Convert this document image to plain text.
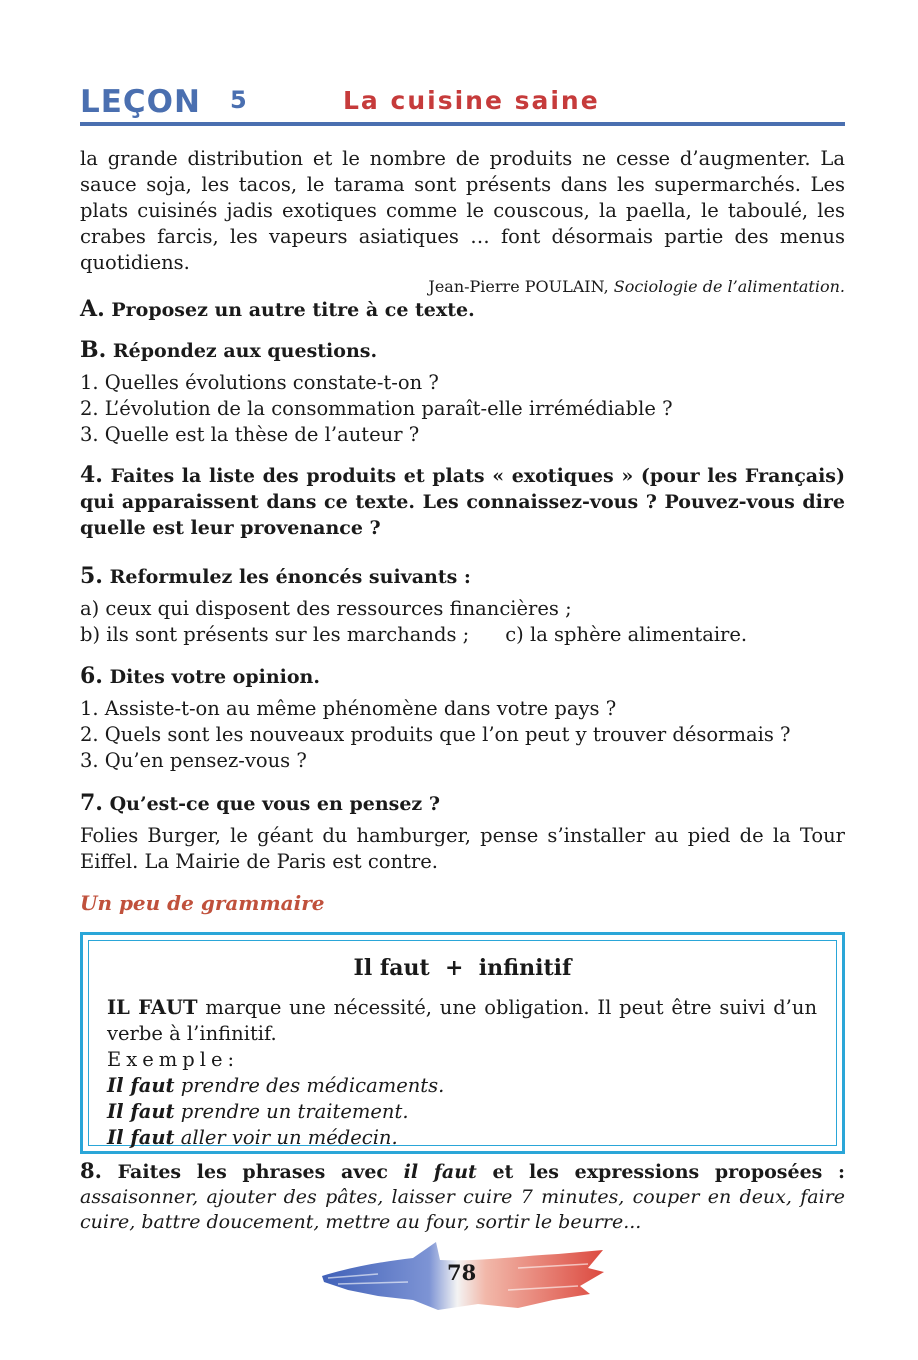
LEÇON 5	La cuisine saine

la grande distribution et le nombre de produits ne cesse d’augmenter. La sauce soja, les tacos, le tarama sont présents dans les supermarchés. Les plats cuisinés jadis exotiques comme le couscous, la paella, le taboulé, les crabes farcis, les vapeurs asiatiques … font désormais partie des menus quotidiens.

Jean-Pierre POULAIN, Sociologie de l’alimentation.

A. Proposez un autre titre à ce texte.

B. Répondez aux questions.

1. Quelles évolutions constate-t-on ?

2. L’évolution de la consommation paraît-elle irrémédiable ?

3. Quelle est la thèse de l’auteur ?

4. Faites la liste des produits et plats « exotiques » (pour les Français) qui apparaissent dans ce texte. Les connaissez-vous ? Pouvez-vous dire quelle est leur provenance ?

5. Reformulez les énoncés suivants :

a) ceux qui disposent des ressources financières ;

b) ils sont présents sur les marchands ; c) la sphère alimentaire.

6. Dites votre opinion.

1. Assiste-t-on au même phénomène dans votre pays ?

2. Quels sont les nouveaux produits que l’on peut y trouver désormais ?

3. Qu’en pensez-vous ?

7. Qu’est-ce que vous en pensez ?

Folies Burger, le géant du hamburger, pense s’installer au pied de la Tour Eiffel. La Mairie de Paris est contre.

Un peu de grammaire
Il faut  +  infinitif

IL FAUT marque une nécessité, une obligation. Il peut être suivi d’un verbe à l’infinitif.

Exemple:

Il faut prendre des médicaments.

Il faut prendre un traitement.

Il faut aller voir un médecin.

8. Faites les phrases avec il faut et les expressions proposées : assaisonner, ajouter des pâtes, laisser cuire 7 minutes, couper en deux, faire cuire, battre doucement, mettre au four, sortir le beurre...

78
